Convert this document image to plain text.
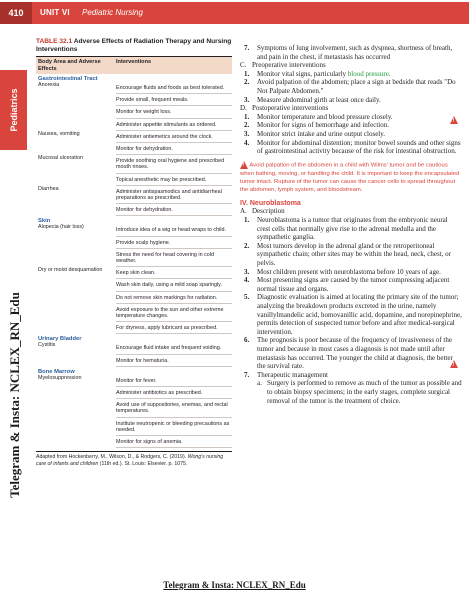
410	UNIT VI Pediatric Nursing
Pediatrics
Telegram & Insta: NCLEX_RN_Edu
TABLE 32.1 Adverse Effects of Radiation Therapy and Nursing Interventions
Body Area and Adverse Effects
Interventions
Gastrointestinal Tract
Anorexia	Encourage fluids and foods as best tolerated.
Provide small, frequent meals.
Monitor for weight loss.
Administer appetite stimulants as ordered.
Nausea, vomiting	Administer antiemetics around the clock.
Monitor for dehydration.
Mucosal ulceration	Provide soothing oral hygiene and prescribed mouth rinses.
Topical anesthetic may be prescribed.
Diarrhea	Administer antispasmodics and antidiarrheal preparations as prescribed.
Monitor for dehydration.
Skin
Alopecia (hair loss)	Introduce idea of a wig or head wraps to child.
Provide scalp hygiene.
Stress the need for head covering in cold weather.
Dry or moist desquamation	Keep skin clean.
Wash skin daily, using a mild soap sparingly.
Do not remove skin markings for radiation.
Avoid exposure to the sun and other extreme temperature changes.
For dryness, apply lubricant as prescribed.
Urinary Bladder
Cystitis	Encourage fluid intake and frequent voiding.
Monitor for hematuria.
Bone Marrow
Myelosuppression	Monitor for fever.
Administer antibiotics as prescribed.
Avoid use of suppositories, enemas, and rectal temperatures.
Institute neutropenic or bleeding precautions as needed.
Monitor for signs of anemia.
Adapted from Hockenberry, M., Wilson, D., & Rodgers, C. (2019). Wong's nursing care of infants and children (11th ed.). St. Louis: Elsevier. p. 1075.
7.	Symptoms of lung involvement, such as dyspnea, shortness of breath, and pain in the chest, if metastasis has occurred
C. Preoperative interventions
1.	Monitor vital signs, particularly blood pressure.
2.	Avoid palpation of the abdomen; place a sign at bedside that reads "Do Not Palpate Abdomen."
3.	Measure abdominal girth at least once daily.
D. Postoperative interventions
1.	Monitor temperature and blood pressure closely.
2.	Monitor for signs of hemorrhage and infection.
3.	Monitor strict intake and urine output closely.
4.	Monitor for abdominal distention; monitor bowel sounds and other signs of gastrointestinal activity because of the risk for intestinal obstruction.
! Avoid palpation of the abdomen in a child with Wilms' tumor and be cautious when bathing, moving, or handling the child. It is important to keep the encapsulated tumor intact. Rupture of the tumor can cause the cancer cells to spread throughout the abdomen, lymph system, and bloodstream.
IV. Neuroblastoma
A. Description
1.	Neuroblastoma is a tumor that originates from the embryonic neural crest cells that normally give rise to the adrenal medulla and the sympathetic ganglia.
2.	Most tumors develop in the adrenal gland or the retroperitoneal sympathetic chain; other sites may be within the head, neck, chest, or pelvis.
3.	Most children present with neuroblastoma before 10 years of age.
4.	Most presenting signs are caused by the tumor compressing adjacent normal tissue and organs.
5.	Diagnostic evaluation is aimed at locating the primary site of the tumor; analyzing the breakdown products excreted in the urine, namely vanillylmandelic acid, homovanillic acid, dopamine, and norepinephrine, permits detection of suspected tumor before and after medical-surgical intervention.
6.	The prognosis is poor because of the frequency of invasiveness of the tumor and because in most cases a diagnosis is not made until after metastasis has occurred. The younger the child at diagnosis, the better the survival rate.
7.	Therapeutic management
a. Surgery is performed to remove as much of the tumor as possible and to obtain biopsy specimens; in the early stages, complete surgical removal of the tumor is the treatment of choice.
!
!
Telegram & Insta: NCLEX_RN_Edu
